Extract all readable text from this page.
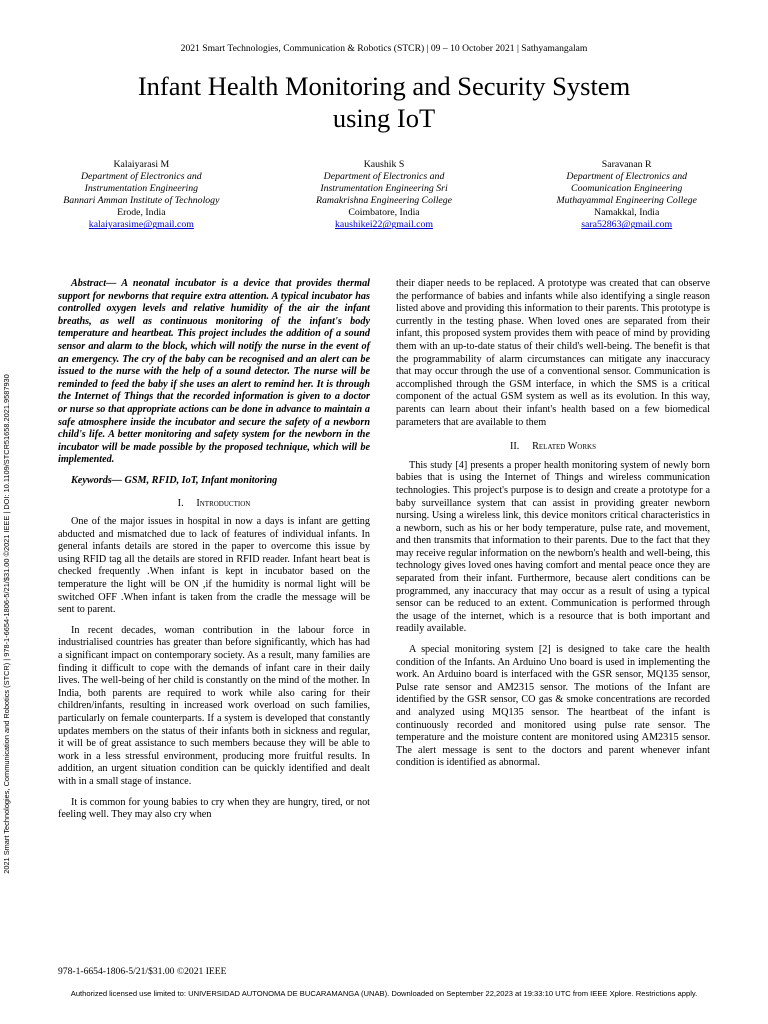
2021 Smart Technologies, Communication & Robotics (STCR) | 09 – 10 October 2021 | Sathyamangalam
Infant Health Monitoring and Security System
using IoT
Kalaiyarasi M
Department of Electronics and
Instrumentation Engineering
Bannari Amman Institute of Technology
Erode, India
kalaiyarasime@gmail.com
Kaushik S
Department of Electronics and
Instrumentation Engineering Sri
Ramakrishna Engineering College
Coimbatore, India
kaushikei22@gmail.com
Saravanan R
Department of Electronics and
Coomunication Engineering
Muthayammal Engineering College
Namakkal, India
sara52863@gmail.com
2021 Smart Technologies, Communication and Robotics (STCR) | 978-1-6654-1806-5/21/$31.00 ©2021 IEEE | DOI: 10.1109/STCR51658.2021.9587930

Abstract— A neonatal incubator is a device that provides thermal support for newborns that require extra attention. A typical incubator has controlled oxygen levels and relative humidity of the air the infant breaths, as well as continuous monitoring of the infant's body temperature and heartbeat. This project includes the addition of a sound sensor and alarm to the block, which will notify the nurse in the event of an emergency. The cry of the baby can be recognised and an alert can be issued to the nurse with the help of a sound detector. The nurse will be reminded to feed the baby if she uses an alert to remind her. It is through the Internet of Things that the recorded information is given to a doctor or nurse so that appropriate actions can be done in advance to maintain a safe atmosphere inside the incubator and secure the safety of a newborn child's life. A better monitoring and safety system for the newborn in the incubator will be made possible by the proposed technique, which will be implemented.

Keywords— GSM, RFID, IoT, Infant monitoring

I. Introduction

One of the major issues in hospital in now a days is infant are getting abducted and mismatched due to lack of features of individual infants. In general infants details are stored in the paper to overcome this issue by using RFID tag all the details are stored in RFID reader. Infant heart beat is checked frequently .When infant is kept in incubator based on the temperature the light will be ON ,if the humidity is normal light will be switched OFF .When infant is taken from the cradle the message will be sent to parent.

In recent decades, woman contribution in the labour force in industrialised countries has greater than before significantly, which has had a significant impact on contemporary society. As a result, many families are finding it difficult to cope with the demands of infant care in their daily lives. The well-being of her child is constantly on the mind of the mother. In India, both parents are required to work while also caring for their children/infants, resulting in increased work overload on such families, particularly on female counterparts. If a system is developed that constantly updates members on the status of their infants both in sickness and regular, it will be of great assistance to such members because they will be able to work in a less stressful environment, producing more fruitful results. In addition, an urgent situation condition can be quickly identified and dealt with in a small stage of instance.

It is common for young babies to cry when they are hungry, tired, or not feeling well. They may also cry when

their diaper needs to be replaced. A prototype was created that can observe the performance of babies and infants while also identifying a single reason listed above and providing this information to their parents. This prototype is currently in the testing phase. When loved ones are separated from their infant, this proposed system provides them with peace of mind by providing them with an up-to-date status of their child's well-being. The benefit is that the programmability of alarm circumstances can mitigate any inaccuracy that may occur through the use of a conventional sensor. Communication is accomplished through the GSM interface, in which the SMS is a critical component of the actual GSM system as well as its evolution. In this way, parents can learn about their infant's health based on a few biomedical parameters that are available to them

II. Related Works

This study [4] presents a proper health monitoring system of newly born babies that is using the Internet of Things and wireless communication technologies. This project's purpose is to design and create a prototype for a baby surveillance system that can assist in providing greater newborn nursing. Using a wireless link, this device monitors critical characteristics in a newborn, such as his or her body temperature, pulse rate, and movement, and then transmits that information to their parents. Due to the fact that they may receive regular information on the newborn's health and well-being, this technology gives loved ones having comfort and mental peace once they are separated from their infant. Furthermore, because alert conditions can be programmed, any inaccuracy that may occur as a result of using a typical sensor can be reduced to an extent. Communication is performed through the usage of the internet, which is a resource that is both important and readily available.

A special monitoring system [2] is designed to take care the health condition of the Infants. An Arduino Uno board is used in implementing the work. An Arduino board is interfaced with the GSR sensor, MQ135 sensor, Pulse rate sensor and AM2315 sensor. The motions of the Infant are identified by the GSR sensor, CO gas & smoke concentrations are recorded and analyzed using MQ135 sensor. The heartbeat of the infant is continuously recorded and monitored using pulse rate sensor. The temperature and the moisture content are monitored using AM2315 sensor. The alert message is sent to the doctors and parent whenever infant condition is identified as abnormal.

978-1-6654-1806-5/21/$31.00 ©2021 IEEE
Authorized licensed use limited to: UNIVERSIDAD AUTONOMA DE BUCARAMANGA (UNAB). Downloaded on September 22,2023 at 19:33:10 UTC from IEEE Xplore. Restrictions apply.
